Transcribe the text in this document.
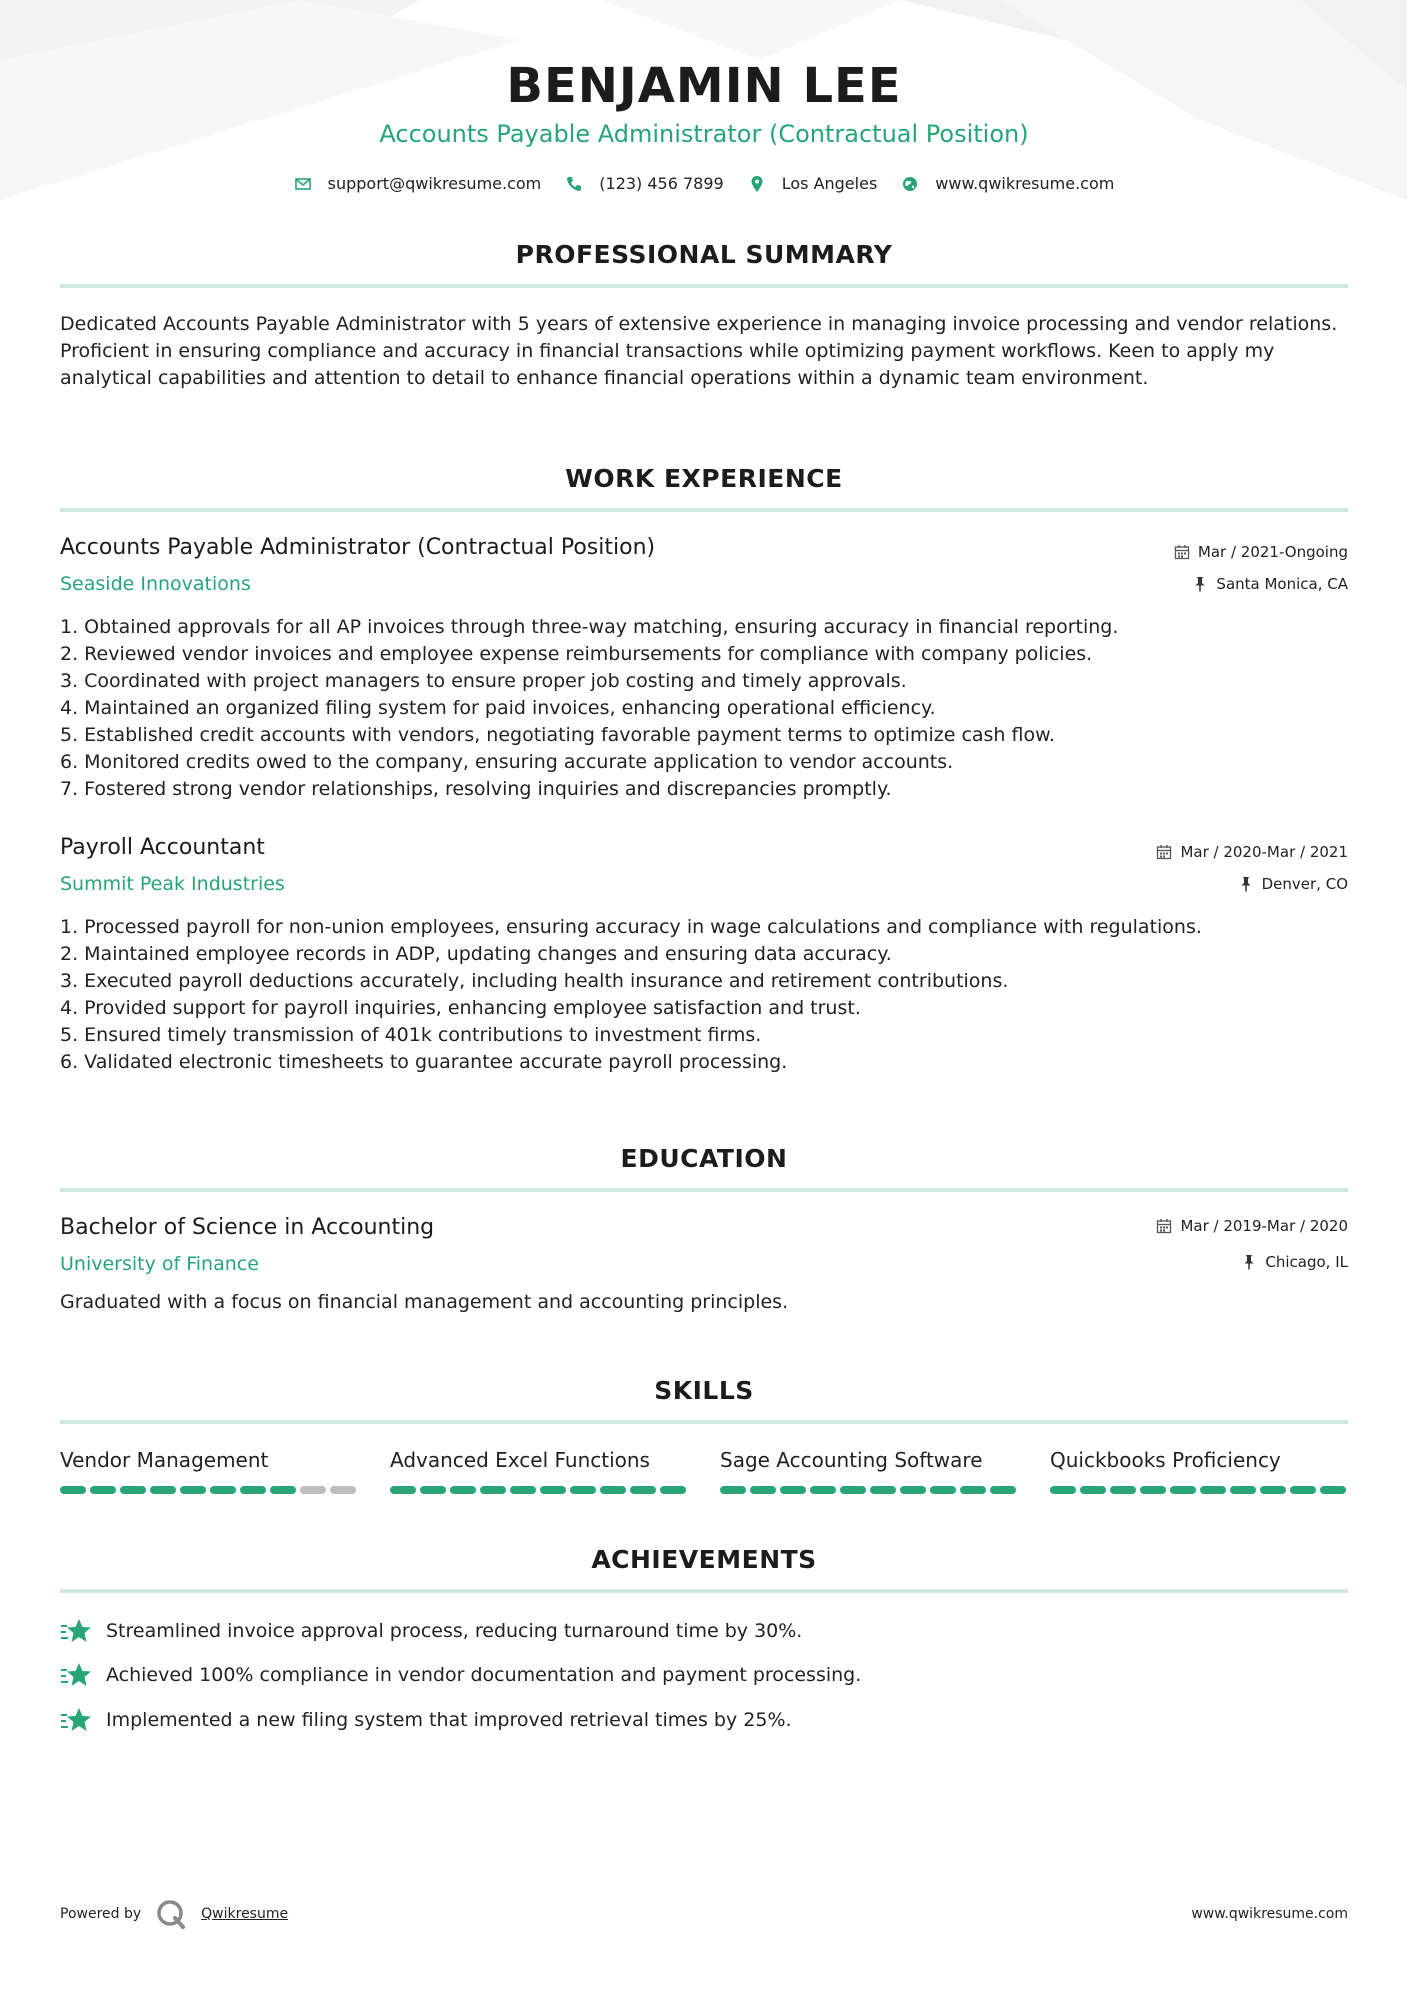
BENJAMIN LEE
Accounts Payable Administrator (Contractual Position)
support@qwikresume.com	(123) 456 7899	Los Angeles	www.qwikresume.com
PROFESSIONAL SUMMARY
Dedicated Accounts Payable Administrator with 5 years of extensive experience in managing invoice processing and vendor relations. Proficient in ensuring compliance and accuracy in financial transactions while optimizing payment workflows. Keen to apply my analytical capabilities and attention to detail to enhance financial operations within a dynamic team environment.
WORK EXPERIENCE
Accounts Payable Administrator (Contractual Position)	Mar / 2021-Ongoing
Seaside Innovations	Santa Monica, CA
1. Obtained approvals for all AP invoices through three-way matching, ensuring accuracy in financial reporting.
2. Reviewed vendor invoices and employee expense reimbursements for compliance with company policies.
3. Coordinated with project managers to ensure proper job costing and timely approvals.
4. Maintained an organized filing system for paid invoices, enhancing operational efficiency.
5. Established credit accounts with vendors, negotiating favorable payment terms to optimize cash flow.
6. Monitored credits owed to the company, ensuring accurate application to vendor accounts.
7. Fostered strong vendor relationships, resolving inquiries and discrepancies promptly.
Payroll Accountant	Mar / 2020-Mar / 2021
Summit Peak Industries	Denver, CO
1. Processed payroll for non-union employees, ensuring accuracy in wage calculations and compliance with regulations.
2. Maintained employee records in ADP, updating changes and ensuring data accuracy.
3. Executed payroll deductions accurately, including health insurance and retirement contributions.
4. Provided support for payroll inquiries, enhancing employee satisfaction and trust.
5. Ensured timely transmission of 401k contributions to investment firms.
6. Validated electronic timesheets to guarantee accurate payroll processing.
EDUCATION
Bachelor of Science in Accounting	Mar / 2019-Mar / 2020
University of Finance	Chicago, IL
Graduated with a focus on financial management and accounting principles.
SKILLS
Vendor Management	Advanced Excel Functions	Sage Accounting Software	Quickbooks Proficiency
ACHIEVEMENTS
Streamlined invoice approval process, reducing turnaround time by 30%.
Achieved 100% compliance in vendor documentation and payment processing.
Implemented a new filing system that improved retrieval times by 25%.
Powered by	Qwikresume	www.qwikresume.com
